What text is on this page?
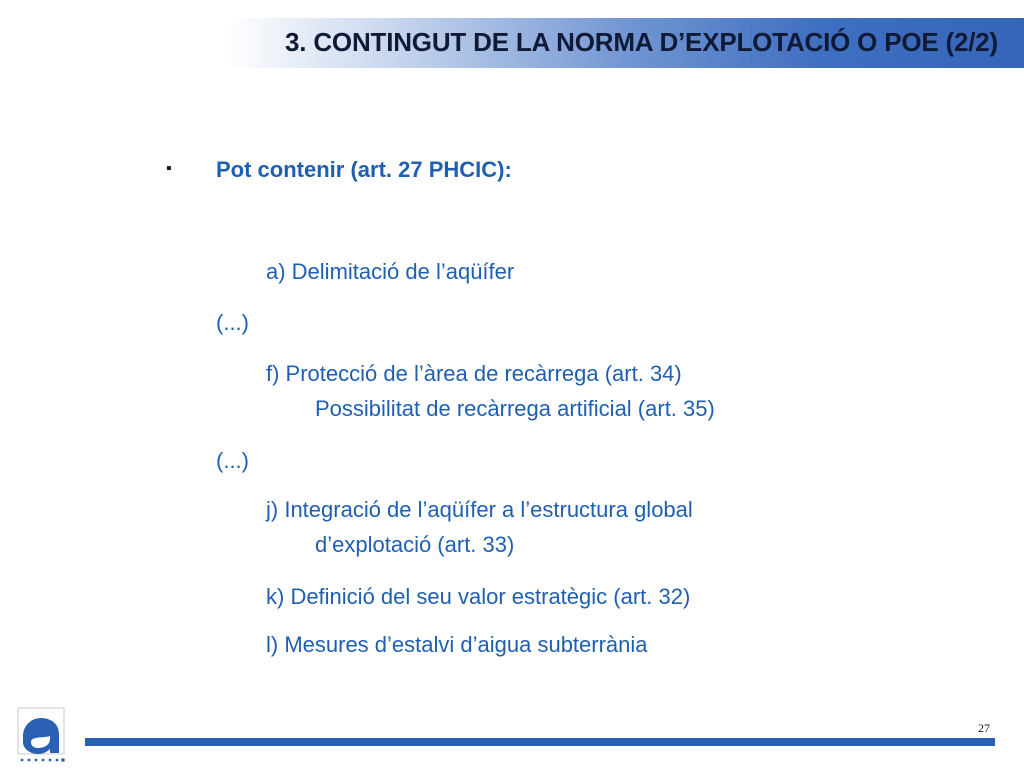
3. CONTINGUT DE LA NORMA D’EXPLOTACIÓ O POE (2/2)
▪ Pot contenir (art. 27 PHCIC):
a) Delimitació de l’aqüífer
(...)
f) Protecció de l’àrea de recàrrega (art. 34)
Possibilitat de recàrrega artificial (art. 35)
(...)
j) Integració de l’aqüífer a l’estructura global
d’explotació (art. 33)
k) Definició del seu valor estratègic (art. 32)
l) Mesures d’estalvi d’aigua subterrània
27
